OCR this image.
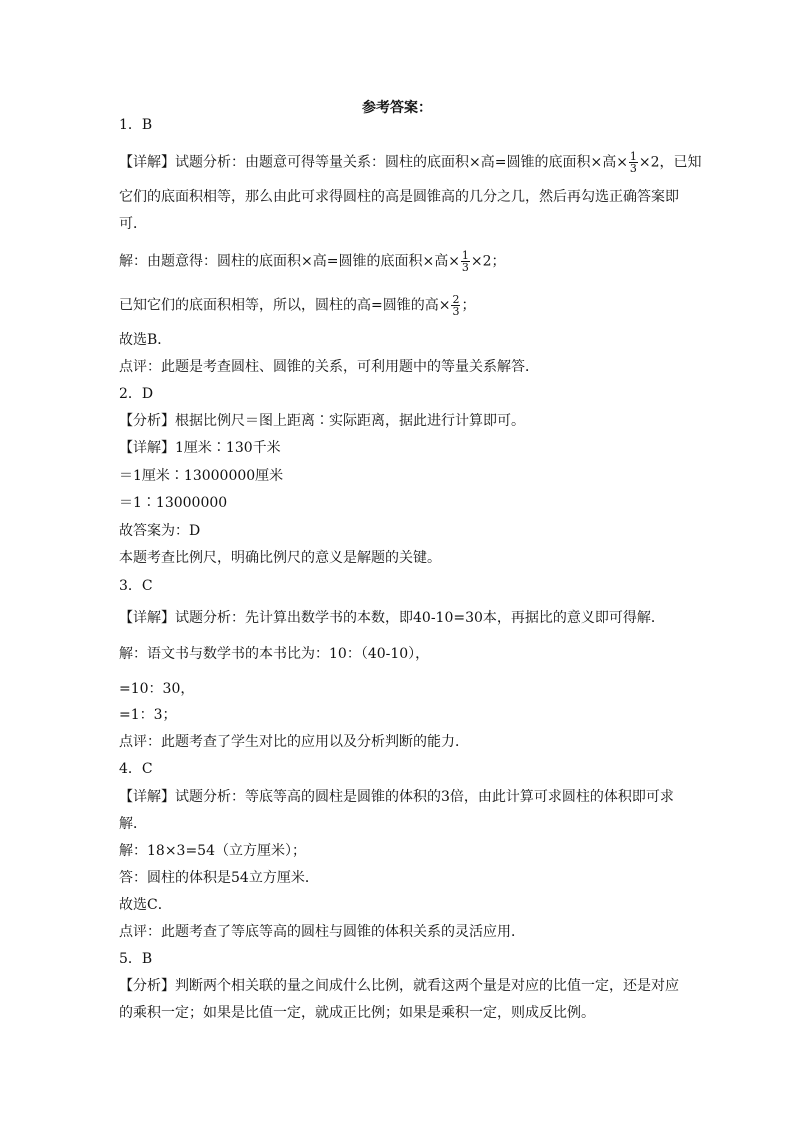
参考答案：
1．B
【详解】试题分析：由题意可得等量关系：圆柱的底面积×高=圆锥的底面积×高× $\frac{1}{3} \times 2$，已知
它们的底面积相等，那么由此可求得圆柱的高是圆锥高的几分之几，然后再勾选正确答案即
可．
解：由题意得：圆柱的底面积×高=圆锥的底面积×高× $\frac{1}{3} \times 2$；
已知它们的底面积相等，所以，圆柱的高=圆锥的高× $\frac{2}{3}$ ；
故选B．
点评：此题是考查圆柱、圆锥的关系，可利用题中的等量关系解答．
2．D
【分析】根据比例尺＝图上距离∶实际距离，据此进行计算即可。
【详解】1厘米∶130千米
＝1厘米∶13000000厘米
＝1∶13000000
故答案为：D
本题考查比例尺，明确比例尺的意义是解题的关键。
3．C
【详解】试题分析：先计算出数学书的本数，即40-10=30本，再据比的意义即可得解．
解：语文书与数学书的本书比为：10：（40-10），
=10：30，
=1：3；
点评：此题考查了学生对比的应用以及分析判断的能力．
4．C
【详解】试题分析：等底等高的圆柱是圆锥的体积的3倍，由此计算可求圆柱的体积即可求
解．
解：18×3=54（立方厘米）；
答：圆柱的体积是54立方厘米．
故选C．
点评：此题考查了等底等高的圆柱与圆锥的体积关系的灵活应用．
5．B
【分析】判断两个相关联的量之间成什么比例，就看这两个量是对应的比值一定，还是对应
的乘积一定；如果是比值一定，就成正比例；如果是乘积一定，则成反比例。
